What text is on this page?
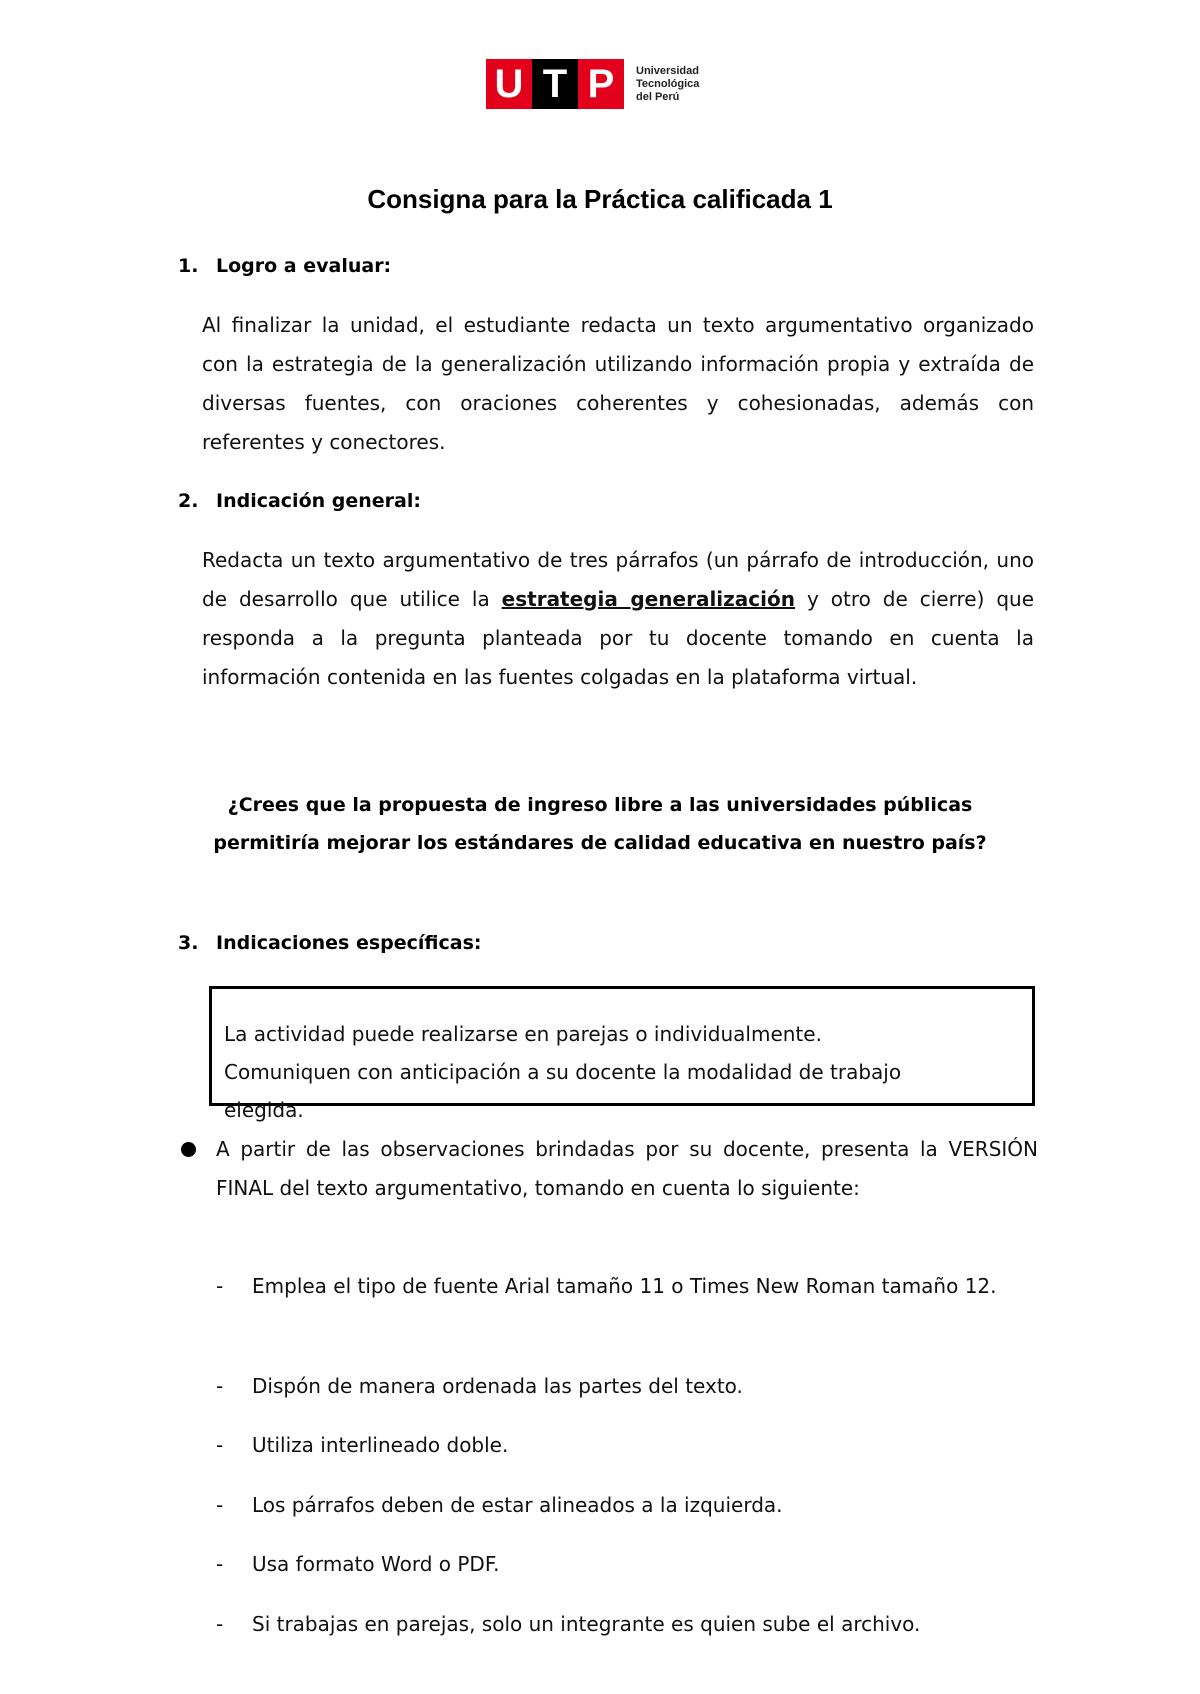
U T P	Universidad
Tecnológica
del Perú
Consigna para la Práctica calificada 1
1. Logro a evaluar:
Al finalizar la unidad, el estudiante redacta un texto argumentativo organizado con la estrategia de la generalización utilizando información propia y extraída de diversas fuentes, con oraciones coherentes y cohesionadas, además con referentes y conectores.
2. Indicación general:
Redacta un texto argumentativo de tres párrafos (un párrafo de introducción, uno de desarrollo que utilice la estrategia generalización y otro de cierre) que responda a la pregunta planteada por tu docente tomando en cuenta la información contenida en las fuentes colgadas en la plataforma virtual.
¿Crees que la propuesta de ingreso libre a las universidades públicas
permitiría mejorar los estándares de calidad educativa en nuestro país?
3. Indicaciones específicas:
La actividad puede realizarse en parejas o individualmente.
Comuniquen con anticipación a su docente la modalidad de trabajo
elegida.
A partir de las observaciones brindadas por su docente, presenta la VERSIÓN FINAL del texto argumentativo, tomando en cuenta lo siguiente:
- Emplea el tipo de fuente Arial tamaño 11 o Times New Roman tamaño 12.
- Dispón de manera ordenada las partes del texto.
- Utiliza interlineado doble.
- Los párrafos deben de estar alineados a la izquierda.
- Usa formato Word o PDF.
- Si trabajas en parejas, solo un integrante es quien sube el archivo.
